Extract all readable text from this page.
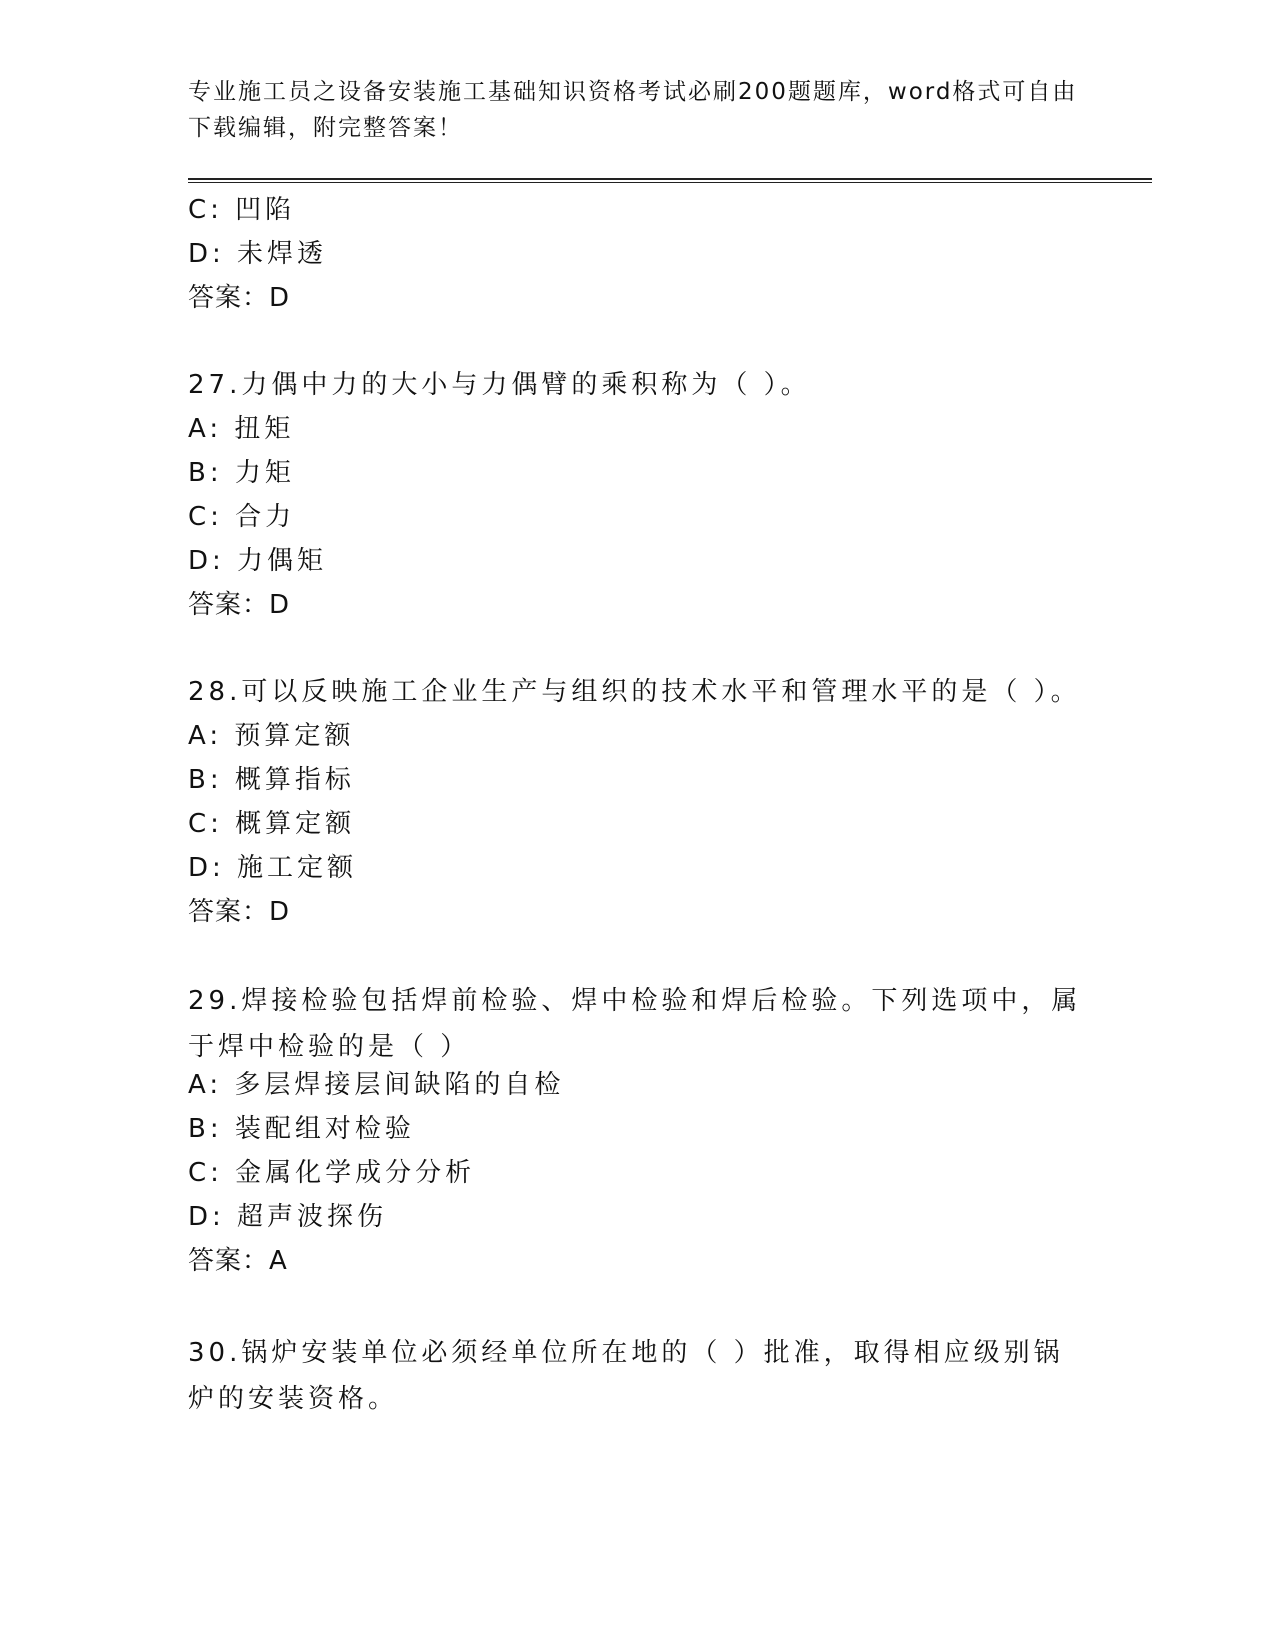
专业施工员之设备安装施工基础知识资格考试必刷200题题库，word格式可自由下载编辑，附完整答案！
C: 凹陷
D: 未焊透
答案：D
27.力偶中力的大小与力偶臂的乘积称为（ ）。
A: 扭矩
B: 力矩
C: 合力
D: 力偶矩
答案：D
28.可以反映施工企业生产与组织的技术水平和管理水平的是（ ）。
A: 预算定额
B: 概算指标
C: 概算定额
D: 施工定额
答案：D
29.焊接检验包括焊前检验、焊中检验和焊后检验。下列选项中，属于焊中检验的是（ ）
A: 多层焊接层间缺陷的自检
B: 装配组对检验
C: 金属化学成分分析
D: 超声波探伤
答案：A
30.锅炉安装单位必须经单位所在地的（ ）批准，取得相应级别锅炉的安装资格。
